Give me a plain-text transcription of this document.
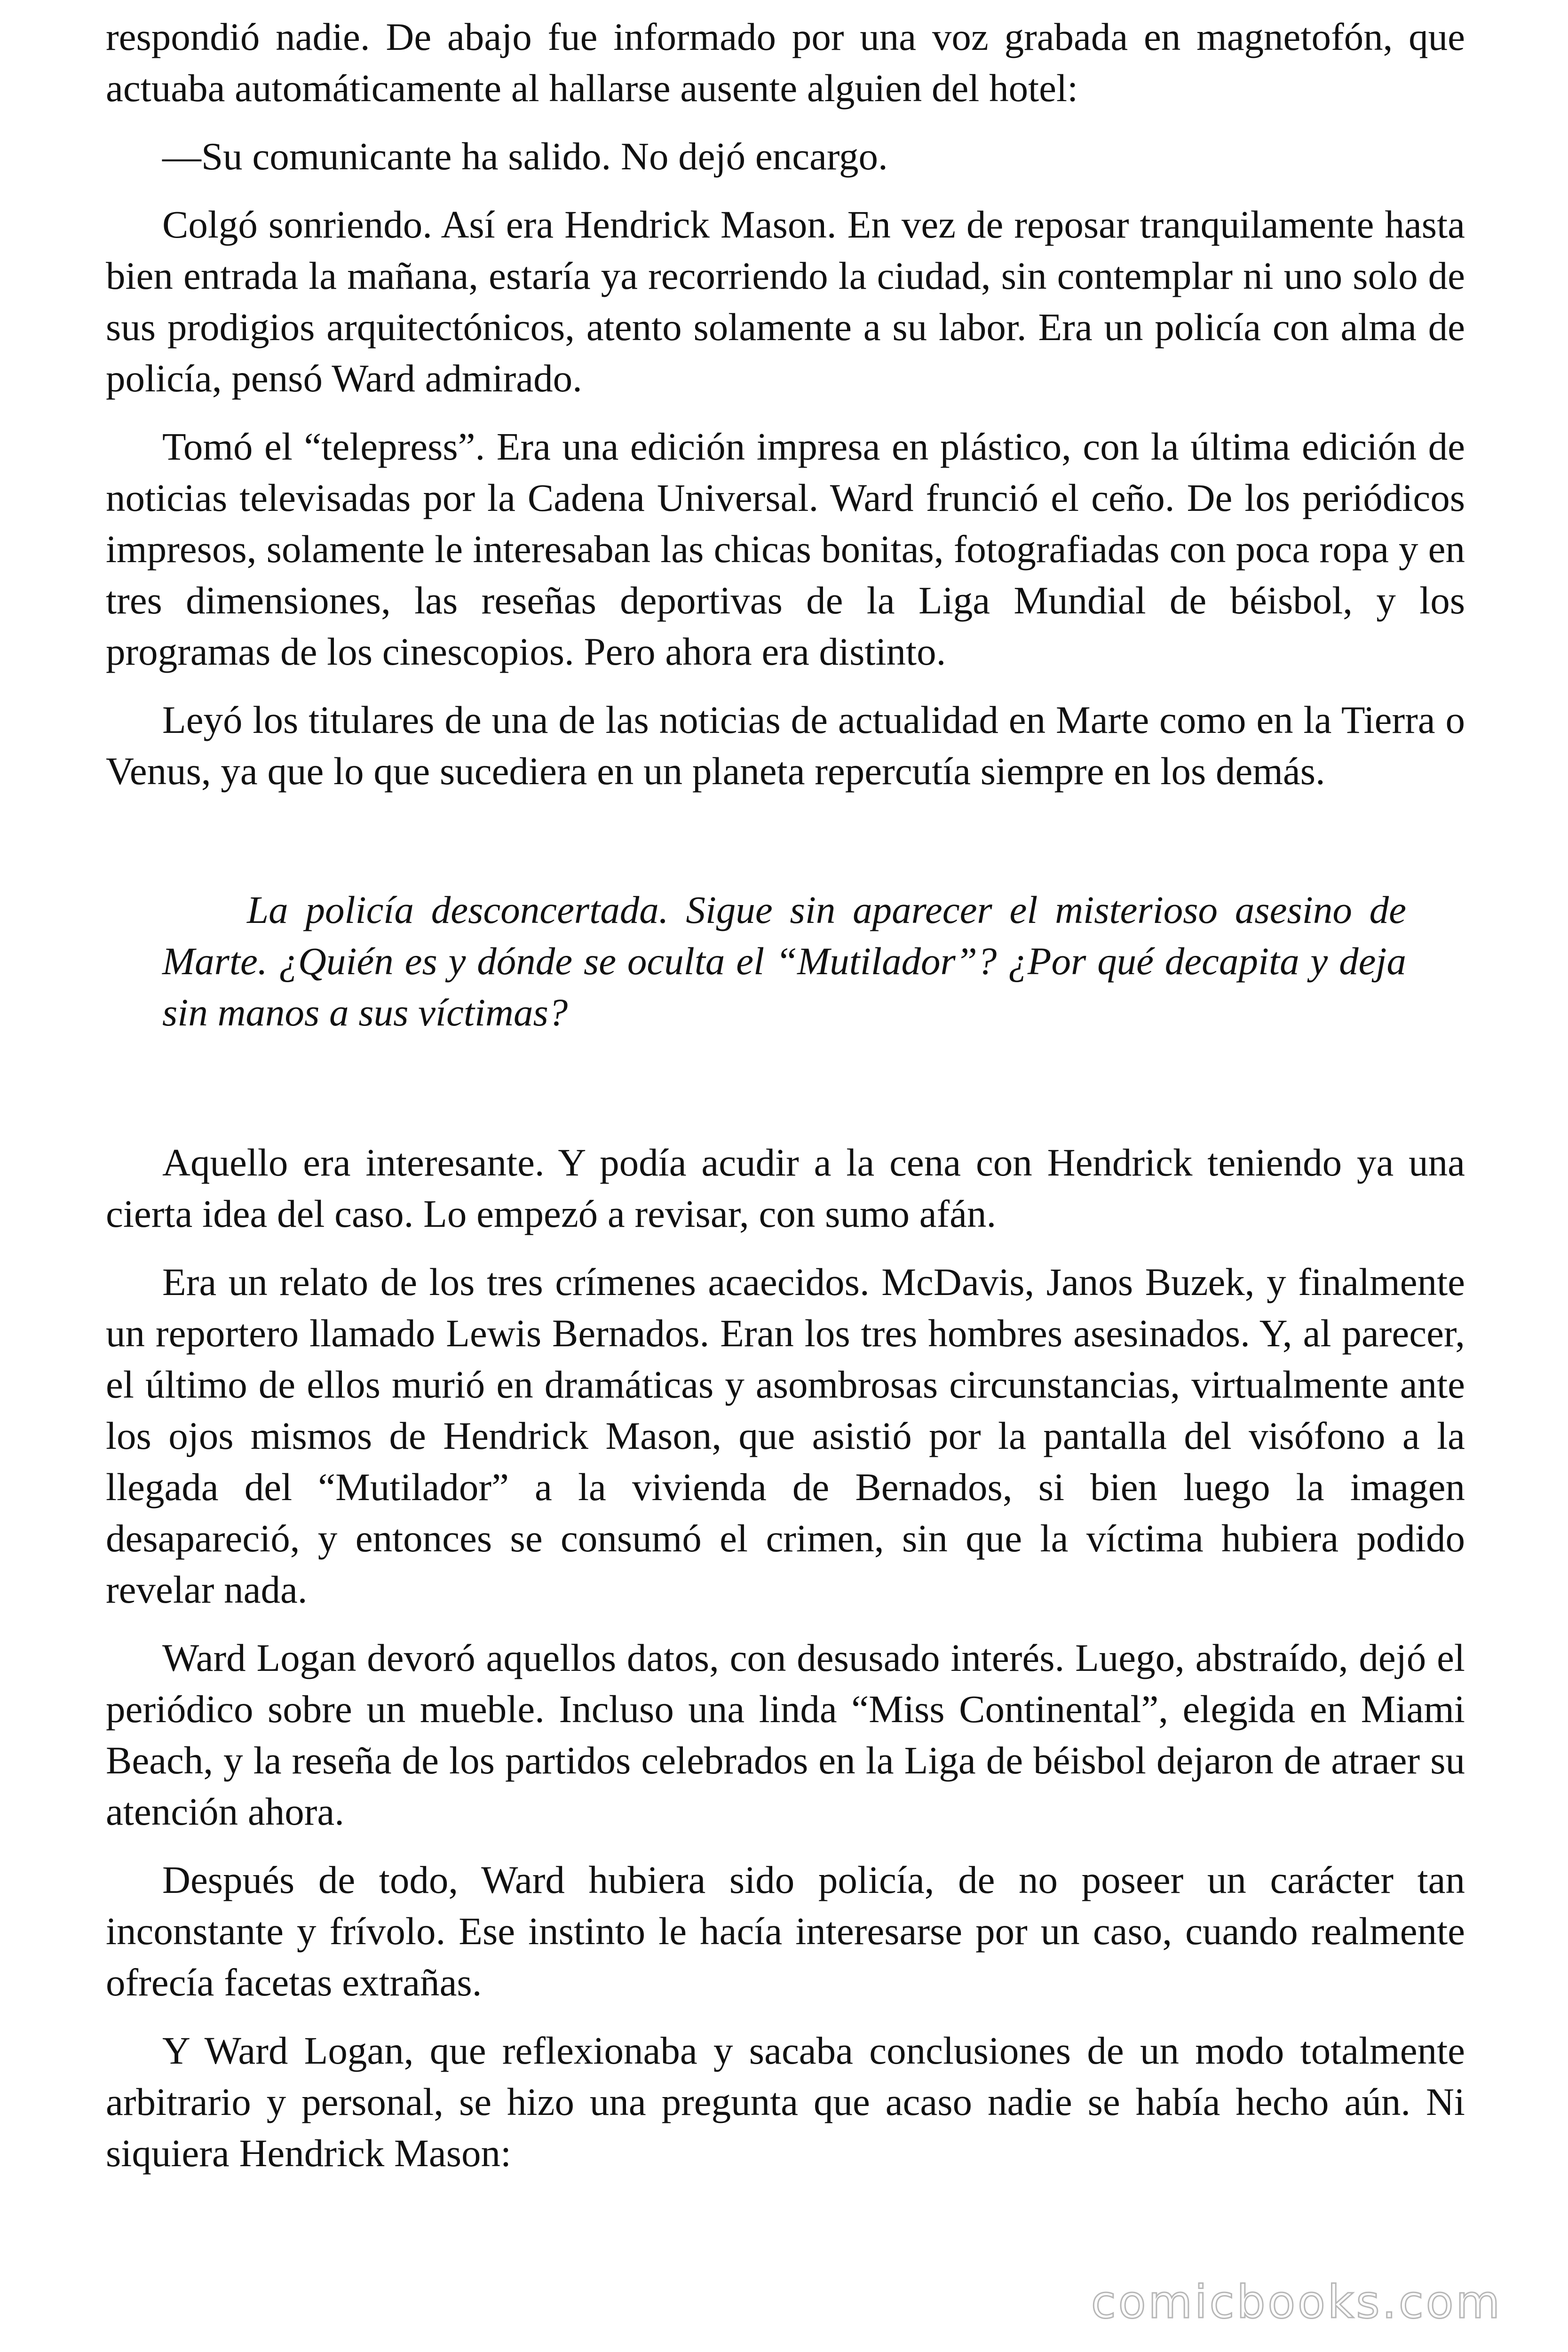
respondió nadie. De abajo fue informado por una voz grabada en magnetofón, que actuaba automáticamente al hallarse ausente alguien del hotel:

—Su comunicante ha salido. No dejó encargo.

Colgó sonriendo. Así era Hendrick Mason. En vez de reposar tranquilamente hasta bien entrada la mañana, estaría ya recorriendo la ciudad, sin contemplar ni uno solo de sus prodigios arquitectónicos, atento solamente a su labor. Era un policía con alma de policía, pensó Ward admirado.

Tomó el “telepress”. Era una edición impresa en plástico, con la última edición de noticias televisadas por la Cadena Universal. Ward frunció el ceño. De los periódicos impresos, solamente le interesaban las chicas bonitas, fotografiadas con poca ropa y en tres dimensiones, las reseñas deportivas de la Liga Mundial de béisbol, y los programas de los cinescopios. Pero ahora era distinto.

Leyó los titulares de una de las noticias de actualidad en Marte como en la Tierra o Venus, ya que lo que sucediera en un planeta repercutía siempre en los demás.

La policía desconcertada. Sigue sin aparecer el misterioso asesino de Marte. ¿Quién es y dónde se oculta el “Mutilador”? ¿Por qué decapita y deja sin manos a sus víctimas?

Aquello era interesante. Y podía acudir a la cena con Hendrick teniendo ya una cierta idea del caso. Lo empezó a revisar, con sumo afán.

Era un relato de los tres crímenes acaecidos. McDavis, Janos Buzek, y finalmente un reportero llamado Lewis Bernados. Eran los tres hombres asesinados. Y, al parecer, el último de ellos murió en dramáticas y asombrosas circunstancias, virtualmente ante los ojos mismos de Hendrick Mason, que asistió por la pantalla del visófono a la llegada del “Mutilador” a la vivienda de Bernados, si bien luego la imagen desapareció, y entonces se consumó el crimen, sin que la víctima hubiera podido revelar nada.

Ward Logan devoró aquellos datos, con desusado interés. Luego, abstraído, dejó el periódico sobre un mueble. Incluso una linda “Miss Continental”, elegida en Miami Beach, y la reseña de los partidos celebrados en la Liga de béisbol dejaron de atraer su atención ahora.

Después de todo, Ward hubiera sido policía, de no poseer un carácter tan inconstante y frívolo. Ese instinto le hacía interesarse por un caso, cuando realmente ofrecía facetas extrañas.

Y Ward Logan, que reflexionaba y sacaba conclusiones de un modo totalmente arbitrario y personal, se hizo una pregunta que acaso nadie se había hecho aún. Ni siquiera Hendrick Mason:

comicbooks.com
